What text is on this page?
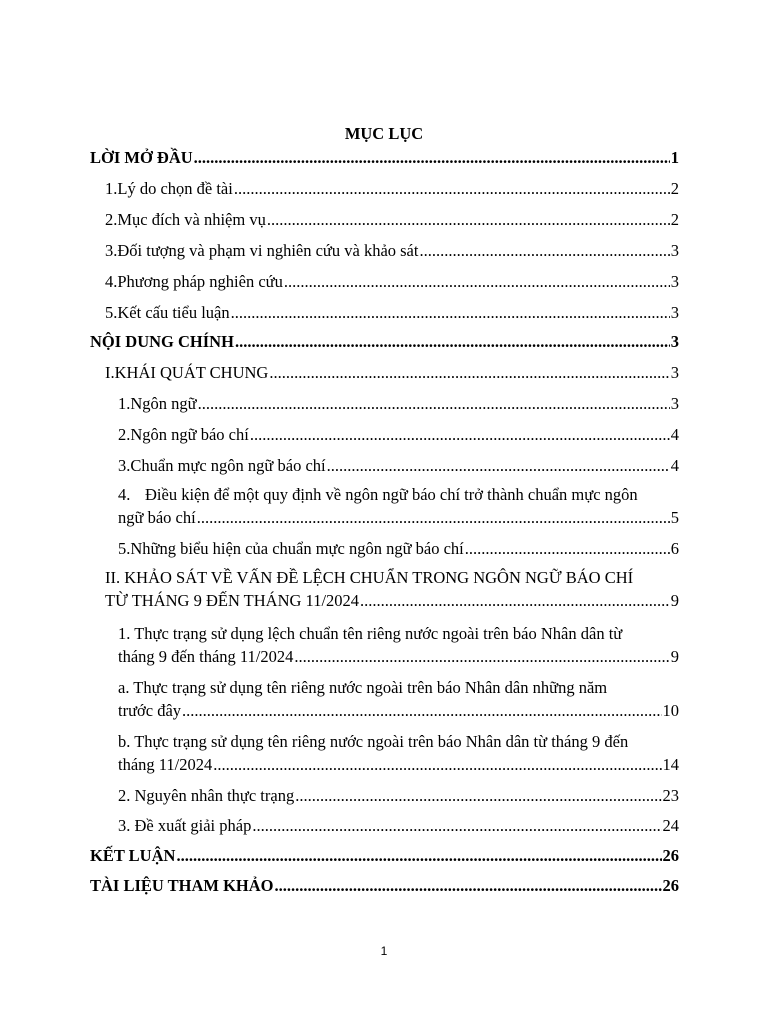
MỤC LỤC
LỜI MỞ ĐẦU .....	1
1. Lý do chọn đề tài .....	2
2. Mục đích và nhiệm vụ .....	2
3. Đối tượng và phạm vi nghiên cứu và khảo sát .....	3
4. Phương pháp nghiên cứu .....	3
5. Kết cấu tiểu luận .....	3
NỘI DUNG CHÍNH .....	3
I. KHÁI QUÁT CHUNG .....	3
1. Ngôn ngữ .....	3
2. Ngôn ngữ báo chí .....	4
3. Chuẩn mực ngôn ngữ báo chí .....	4
4. Điều kiện để một quy định về ngôn ngữ báo chí trở thành chuẩn mực ngôn
ngữ báo chí .....	5
5. Những biểu hiện của chuẩn mực ngôn ngữ báo chí .....	6
II. KHẢO SÁT VỀ VẤN ĐỀ LỆCH CHUẨN TRONG NGÔN NGỮ BÁO CHÍ
TỪ THÁNG 9 ĐẾN THÁNG 11/2024 .....	9
1. Thực trạng sử dụng lệch chuẩn tên riêng nước ngoài trên báo Nhân dân từ
tháng 9 đến tháng 11/2024 .....	9
a. Thực trạng sử dụng tên riêng nước ngoài trên báo Nhân dân những năm
trước đây .....	10
b. Thực trạng sử dụng tên riêng nước ngoài trên báo Nhân dân từ tháng 9 đến
tháng 11/2024 .....	14
2. Nguyên nhân thực trạng .....	23
3. Đề xuất giải pháp .....	24
KẾT LUẬN .....	26
TÀI LIỆU THAM KHẢO .....	26
1
